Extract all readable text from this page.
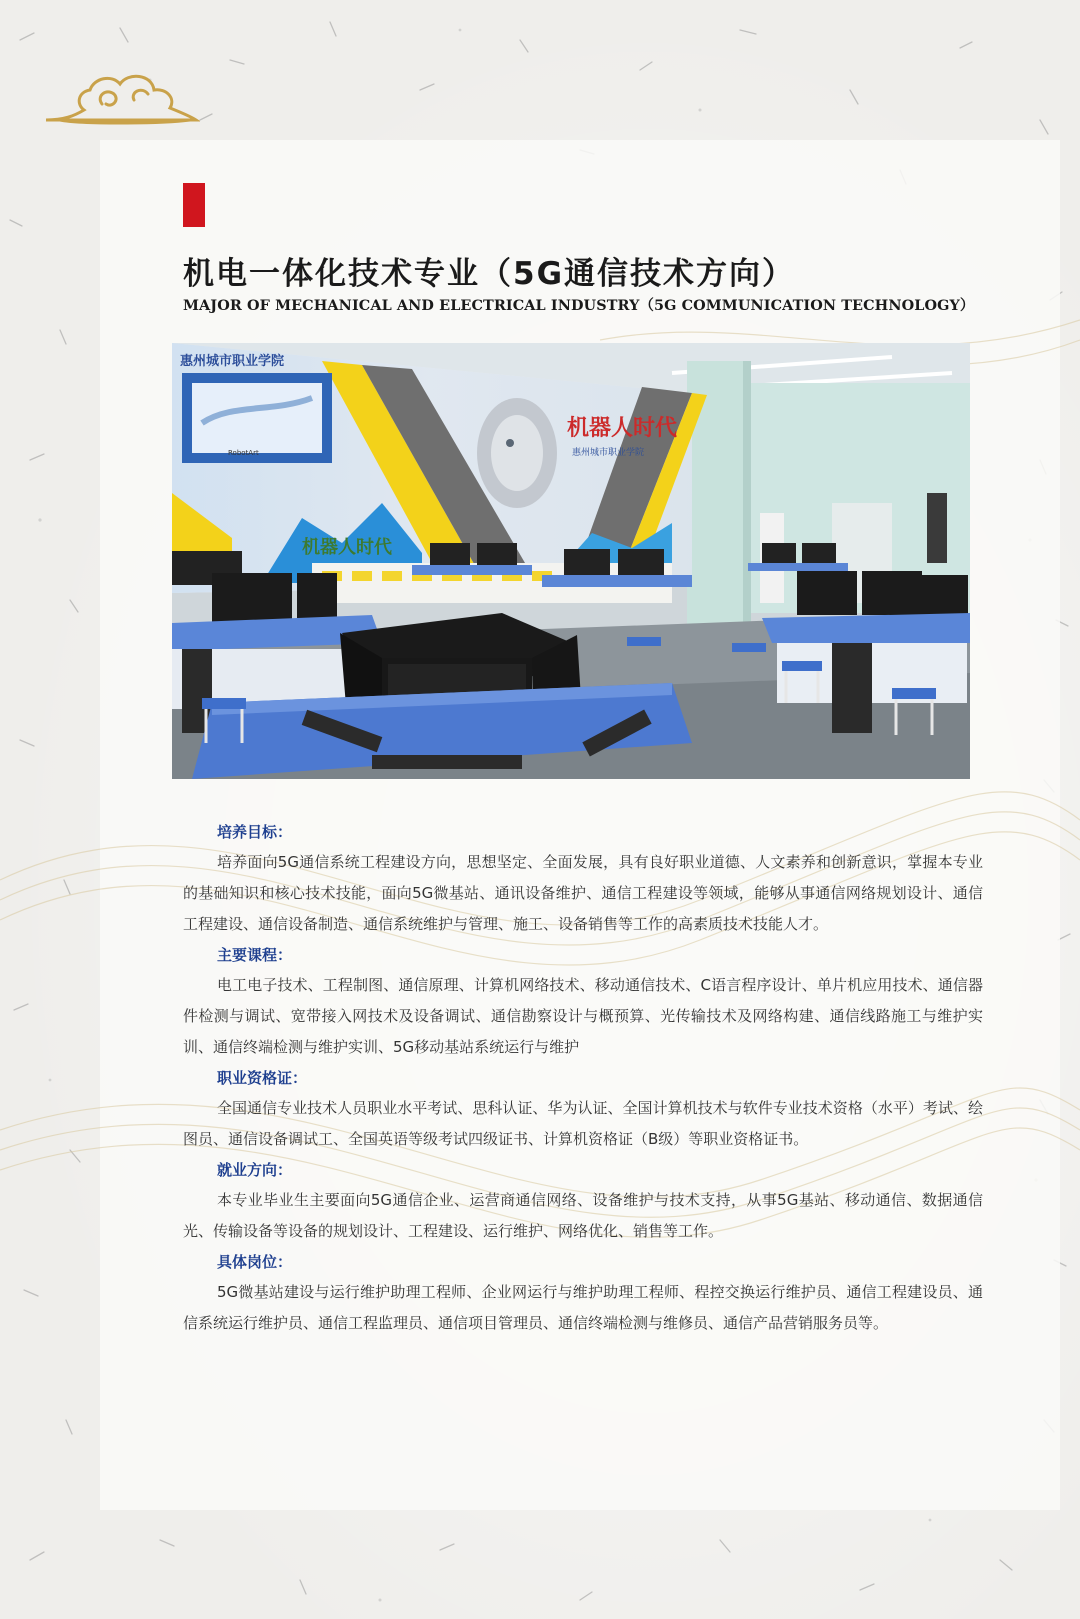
机电一体化技术专业（5G通信技术方向）

MAJOR OF MECHANICAL AND ELECTRICAL INDUSTRY（5G COMMUNICATION TECHNOLOGY）

惠州城市职业学院
机器人时代
惠州城市职业学院
机器人时代
RobotArt
培养目标：

培养面向5G通信系统工程建设方向，思想坚定、全面发展，具有良好职业道德、人文素养和创新意识，掌握本专业的基础知识和核心技术技能，面向5G微基站、通讯设备维护、通信工程建设等领域，能够从事通信网络规划设计、通信工程建设、通信设备制造、通信系统维护与管理、施工、设备销售等工作的高素质技术技能人才。

主要课程：

电工电子技术、工程制图、通信原理、计算机网络技术、移动通信技术、C语言程序设计、单片机应用技术、通信器件检测与调试、宽带接入网技术及设备调试、通信勘察设计与概预算、光传输技术及网络构建、通信线路施工与维护实训、通信终端检测与维护实训、5G移动基站系统运行与维护

职业资格证：

全国通信专业技术人员职业水平考试、思科认证、华为认证、全国计算机技术与软件专业技术资格（水平）考试、绘图员、通信设备调试工、全国英语等级考试四级证书、计算机资格证（B级）等职业资格证书。

就业方向：

本专业毕业生主要面向5G通信企业、运营商通信网络、设备维护与技术支持，从事5G基站、移动通信、数据通信光、传输设备等设备的规划设计、工程建设、运行维护、网络优化、销售等工作。

具体岗位：

5G微基站建设与运行维护助理工程师、企业网运行与维护助理工程师、程控交换运行维护员、通信工程建设员、通信系统运行维护员、通信工程监理员、通信项目管理员、通信终端检测与维修员、通信产品营销服务员等。
